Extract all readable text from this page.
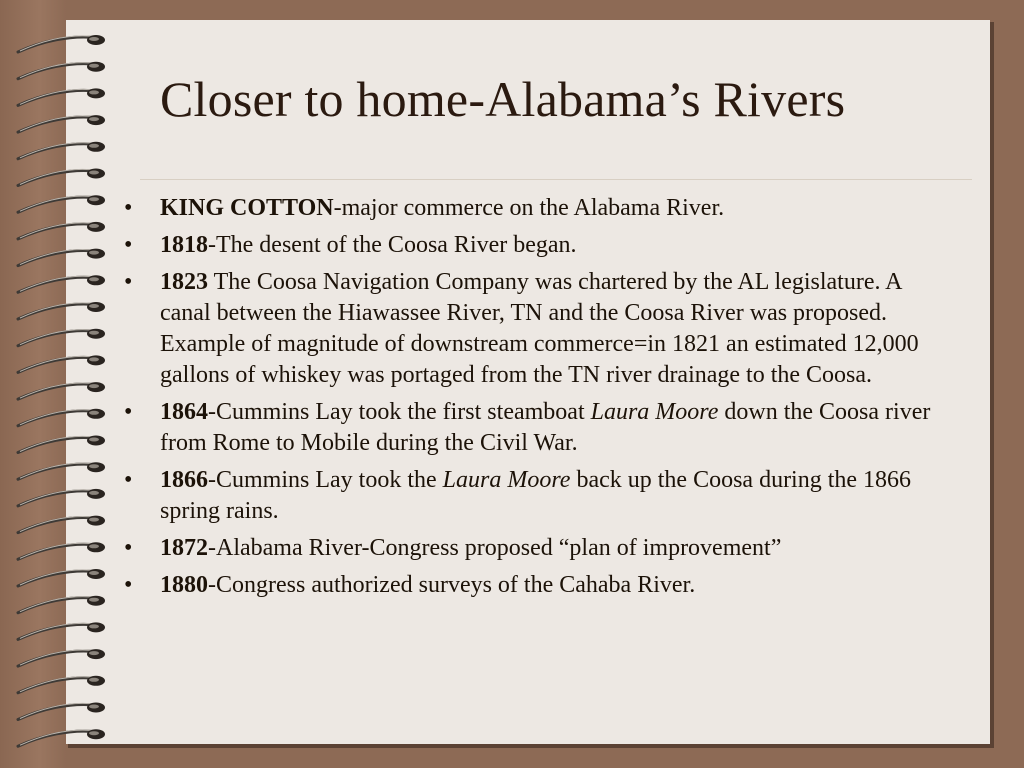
Closer to home-Alabama’s Rivers
• KING COTTON-major commerce on the Alabama River.
• 1818-The desent of the Coosa River began.
• 1823 The Coosa Navigation Company was chartered by the AL legislature. A canal between the Hiawassee River, TN and the Coosa River was proposed. Example of magnitude of downstream commerce=in 1821 an estimated 12,000 gallons of whiskey was portaged from the TN river drainage to the Coosa.
• 1864-Cummins Lay took the first steamboat Laura Moore down the Coosa river from Rome to Mobile during the Civil War.
• 1866-Cummins Lay took the Laura Moore back up the Coosa during the 1866 spring rains.
• 1872-Alabama River-Congress proposed “plan of improvement”
• 1880-Congress authorized surveys of the Cahaba River.
